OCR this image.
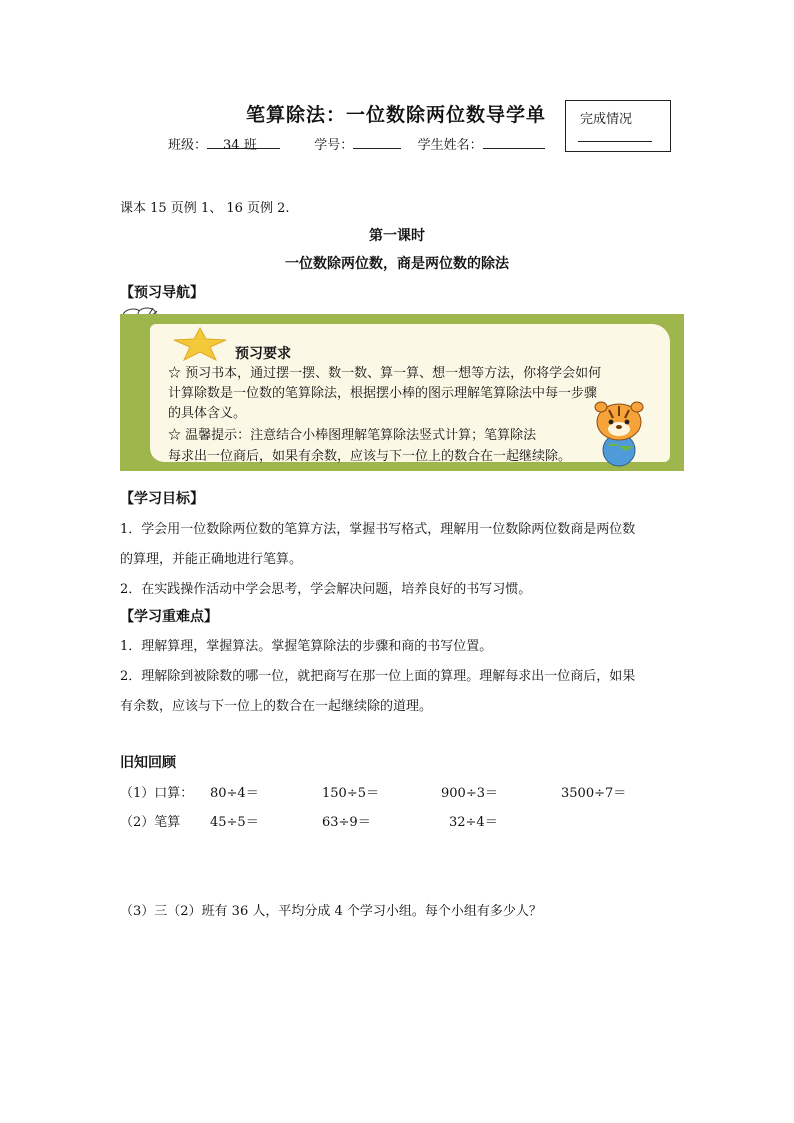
笔算除法：一位数除两位数导学单	完成情况
班级： 34 班	学号：	学生姓名：
课本 15 页例 1、 16 页例 2.
第一课时
一位数除两位数，商是两位数的除法
【预习导航】
预习要求
☆ 预习书本，通过摆一摆、数一数、算一算、想一想等方法，你将学会如何
计算除数是一位数的笔算除法，根据摆小棒的图示理解笔算除法中每一步骤
的具体含义。
☆ 温馨提示：注意结合小棒图理解笔算除法竖式计算；笔算除法
每求出一位商后，如果有余数，应该与下一位上的数合在一起继续除。
【学习目标】
1．学会用一位数除两位数的笔算方法，掌握书写格式，理解用一位数除两位数商是两位数
的算理，并能正确地进行笔算。
2．在实践操作活动中学会思考，学会解决问题，培养良好的书写习惯。
【学习重难点】
1．理解算理，掌握算法。掌握笔算除法的步骤和商的书写位置。
2．理解除到被除数的哪一位，就把商写在那一位上面的算理。理解每求出一位商后，如果
有余数，应该与下一位上的数合在一起继续除的道理。
旧知回顾
（1）口算： 80÷4＝	150÷5＝	900÷3＝	3500÷7＝
（2）笔算 45÷5＝	63÷9＝	32÷4＝
（3）三（2）班有 36 人，平均分成 4 个学习小组。每个小组有多少人？
